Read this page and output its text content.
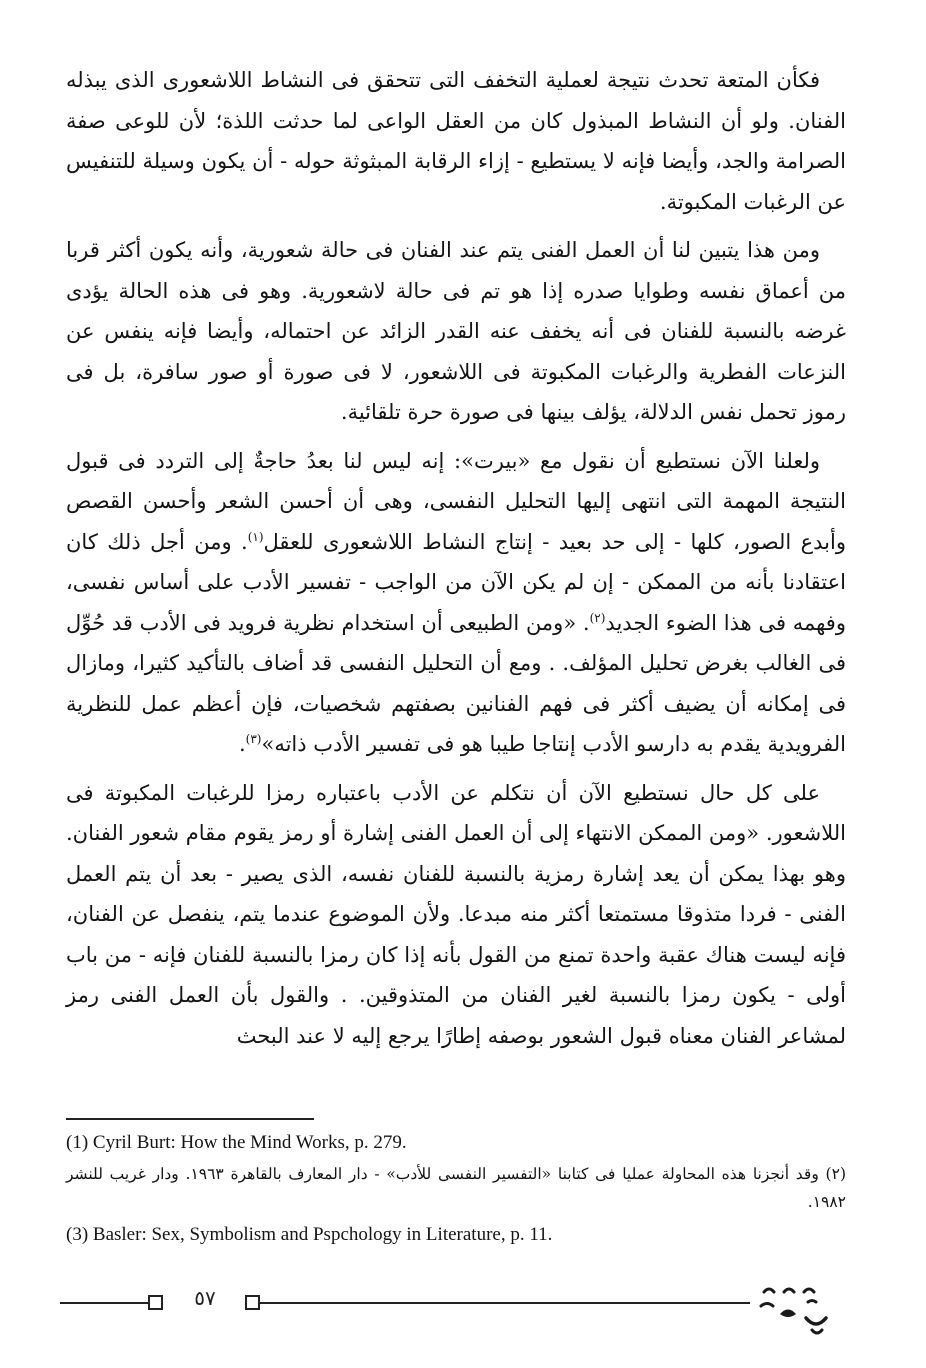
فكأن المتعة تحدث نتيجة لعملية التخفف التى تتحقق فى النشاط اللاشعورى الذى يبذله الفنان. ولو أن النشاط المبذول كان من العقل الواعى لما حدثت اللذة؛ لأن للوعى صفة الصرامة والجد، وأيضا فإنه لا يستطيع - إزاء الرقابة المبثوثة حوله - أن يكون وسيلة للتنفيس عن الرغبات المكبوتة.

ومن هذا يتبين لنا أن العمل الفنى يتم عند الفنان فى حالة شعورية، وأنه يكون أكثر قربا من أعماق نفسه وطوايا صدره إذا هو تم فى حالة لاشعورية. وهو فى هذه الحالة يؤدى غرضه بالنسبة للفنان فى أنه يخفف عنه القدر الزائد عن احتماله، وأيضا فإنه ينفس عن النزعات الفطرية والرغبات المكبوتة فى اللاشعور، لا فى صورة أو صور سافرة، بل فى رموز تحمل نفس الدلالة، يؤلف بينها فى صورة حرة تلقائية.

ولعلنا الآن نستطيع أن نقول مع «بيرت»: إنه ليس لنا بعدُ حاجةٌ إلى التردد فى قبول النتيجة المهمة التى انتهى إليها التحليل النفسى، وهى أن أحسن الشعر وأحسن القصص وأبدع الصور، كلها - إلى حد بعيد - إنتاج النشاط اللاشعورى للعقل$^{(١)}$. ومن أجل ذلك كان اعتقادنا بأنه من الممكن - إن لم يكن الآن من الواجب - تفسير الأدب على أساس نفسى، وفهمه فى هذا الضوء الجديد$^{(٢)}$. «ومن الطبيعى أن استخدام نظرية فرويد فى الأدب قد حُوِّل فى الغالب بغرض تحليل المؤلف. . ومع أن التحليل النفسى قد أضاف بالتأكيد كثيرا، ومازال فى إمكانه أن يضيف أكثر فى فهم الفنانين بصفتهم شخصيات، فإن أعظم عمل للنظرية الفرويدية يقدم به دارسو الأدب إنتاجا طيبا هو فى تفسير الأدب ذاته»$^{(٣)}$.

على كل حال نستطيع الآن أن نتكلم عن الأدب باعتباره رمزا للرغبات المكبوتة فى اللاشعور. «ومن الممكن الانتهاء إلى أن العمل الفنى إشارة أو رمز يقوم مقام شعور الفنان. وهو بهذا يمكن أن يعد إشارة رمزية بالنسبة للفنان نفسه، الذى يصير - بعد أن يتم العمل الفنى - فردا متذوقا مستمتعا أكثر منه مبدعا. ولأن الموضوع عندما يتم، ينفصل عن الفنان، فإنه ليست هناك عقبة واحدة تمنع من القول بأنه إذا كان رمزا بالنسبة للفنان فإنه - من باب أولى - يكون رمزا بالنسبة لغير الفنان من المتذوقين. . والقول بأن العمل الفنى رمز لمشاعر الفنان معناه قبول الشعور بوصفه إطارًا يرجع إليه لا عند البحث

(1) Cyril Burt: How the Mind Works, p. 279.

(٢) وقد أنجزنا هذه المحاولة عمليا فى كتابنا «التفسير النفسى للأدب» - دار المعارف بالقاهرة ١٩٦٣. ودار غريب للنشر ١٩٨٢.

(3) Basler: Sex, Symbolism and Pspchology in Literature, p. 11.

٥٧
